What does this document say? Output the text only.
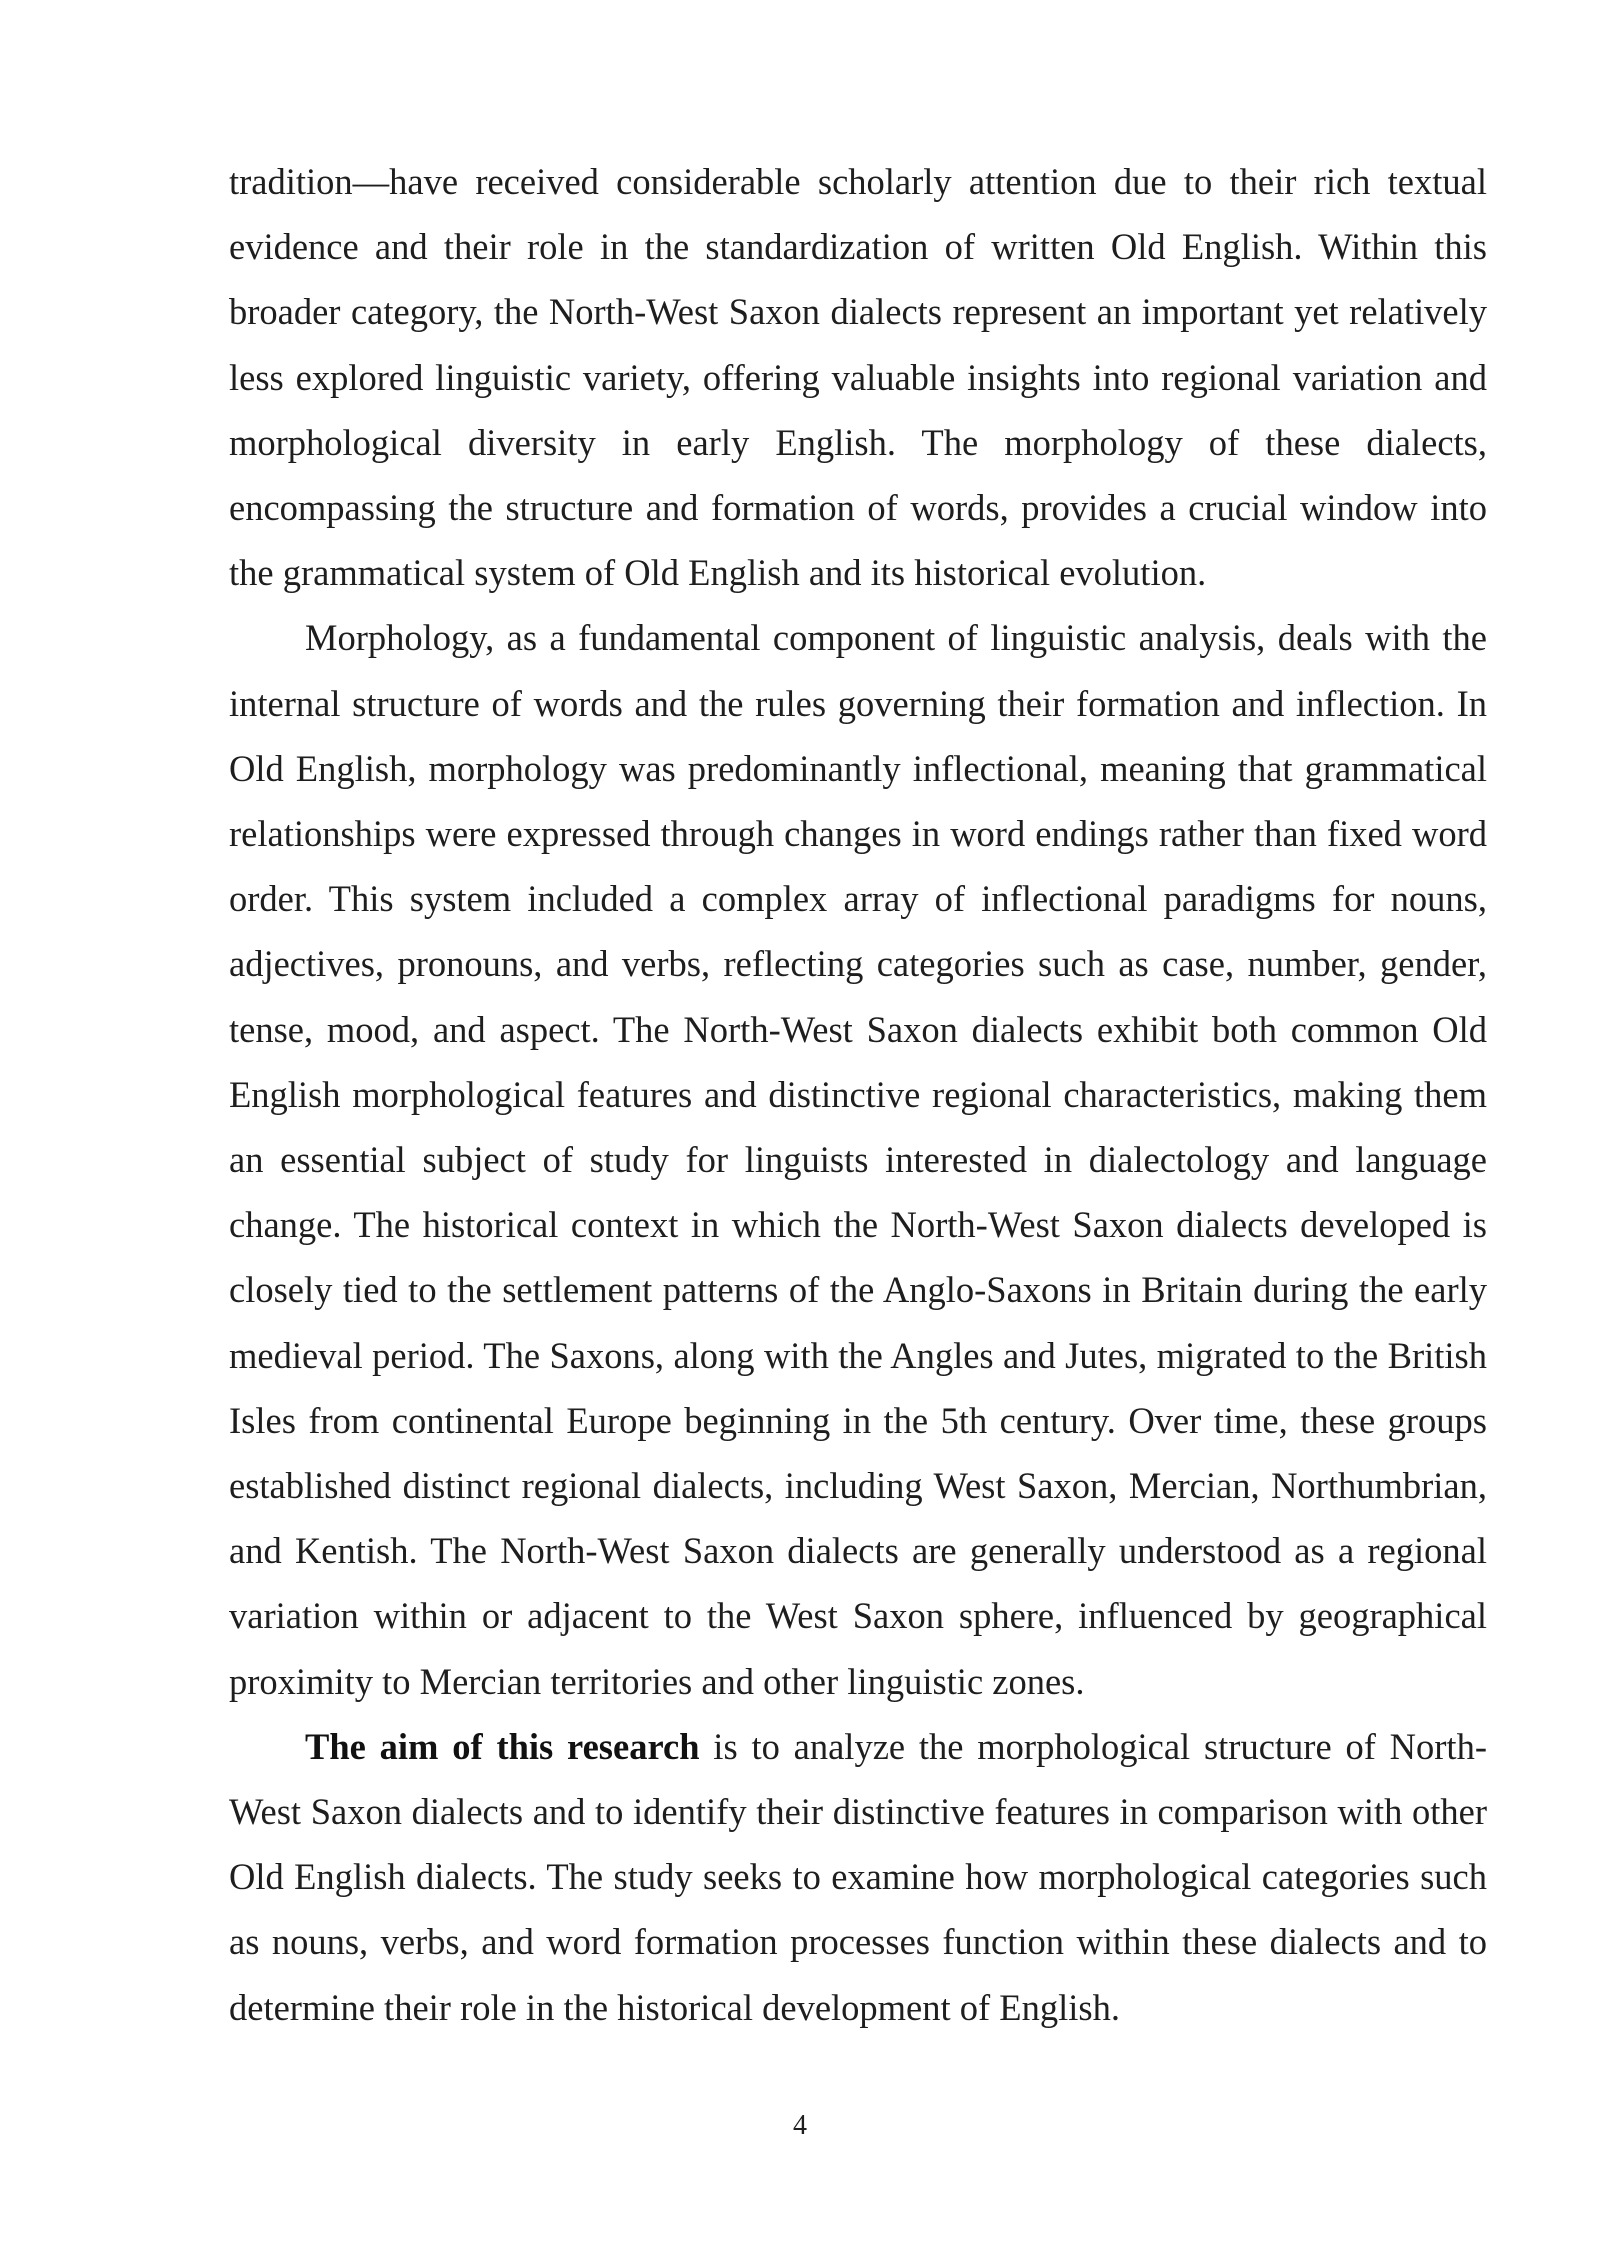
tradition—have received considerable scholarly attention due to their rich textual evidence and their role in the standardization of written Old English. Within this broader category, the North-West Saxon dialects represent an important yet relatively less explored linguistic variety, offering valuable insights into regional variation and morphological diversity in early English. The morphology of these dialects, encompassing the structure and formation of words, provides a crucial window into the grammatical system of Old English and its historical evolution.

Morphology, as a fundamental component of linguistic analysis, deals with the internal structure of words and the rules governing their formation and inflection. In Old English, morphology was predominantly inflectional, meaning that grammatical relationships were expressed through changes in word endings rather than fixed word order. This system included a complex array of inflectional paradigms for nouns, adjectives, pronouns, and verbs, reflecting categories such as case, number, gender, tense, mood, and aspect. The North-West Saxon dialects exhibit both common Old English morphological features and distinctive regional characteristics, making them an essential subject of study for linguists interested in dialectology and language change. The historical context in which the North-West Saxon dialects developed is closely tied to the settlement patterns of the Anglo-Saxons in Britain during the early medieval period. The Saxons, along with the Angles and Jutes, migrated to the British Isles from continental Europe beginning in the 5th century. Over time, these groups established distinct regional dialects, including West Saxon, Mercian, Northumbrian, and Kentish. The North-West Saxon dialects are generally understood as a regional variation within or adjacent to the West Saxon sphere, influenced by geographical proximity to Mercian territories and other linguistic zones.

The aim of this research is to analyze the morphological structure of North-West Saxon dialects and to identify their distinctive features in comparison with other Old English dialects. The study seeks to examine how morphological categories such as nouns, verbs, and word formation processes function within these dialects and to determine their role in the historical development of English.

4
